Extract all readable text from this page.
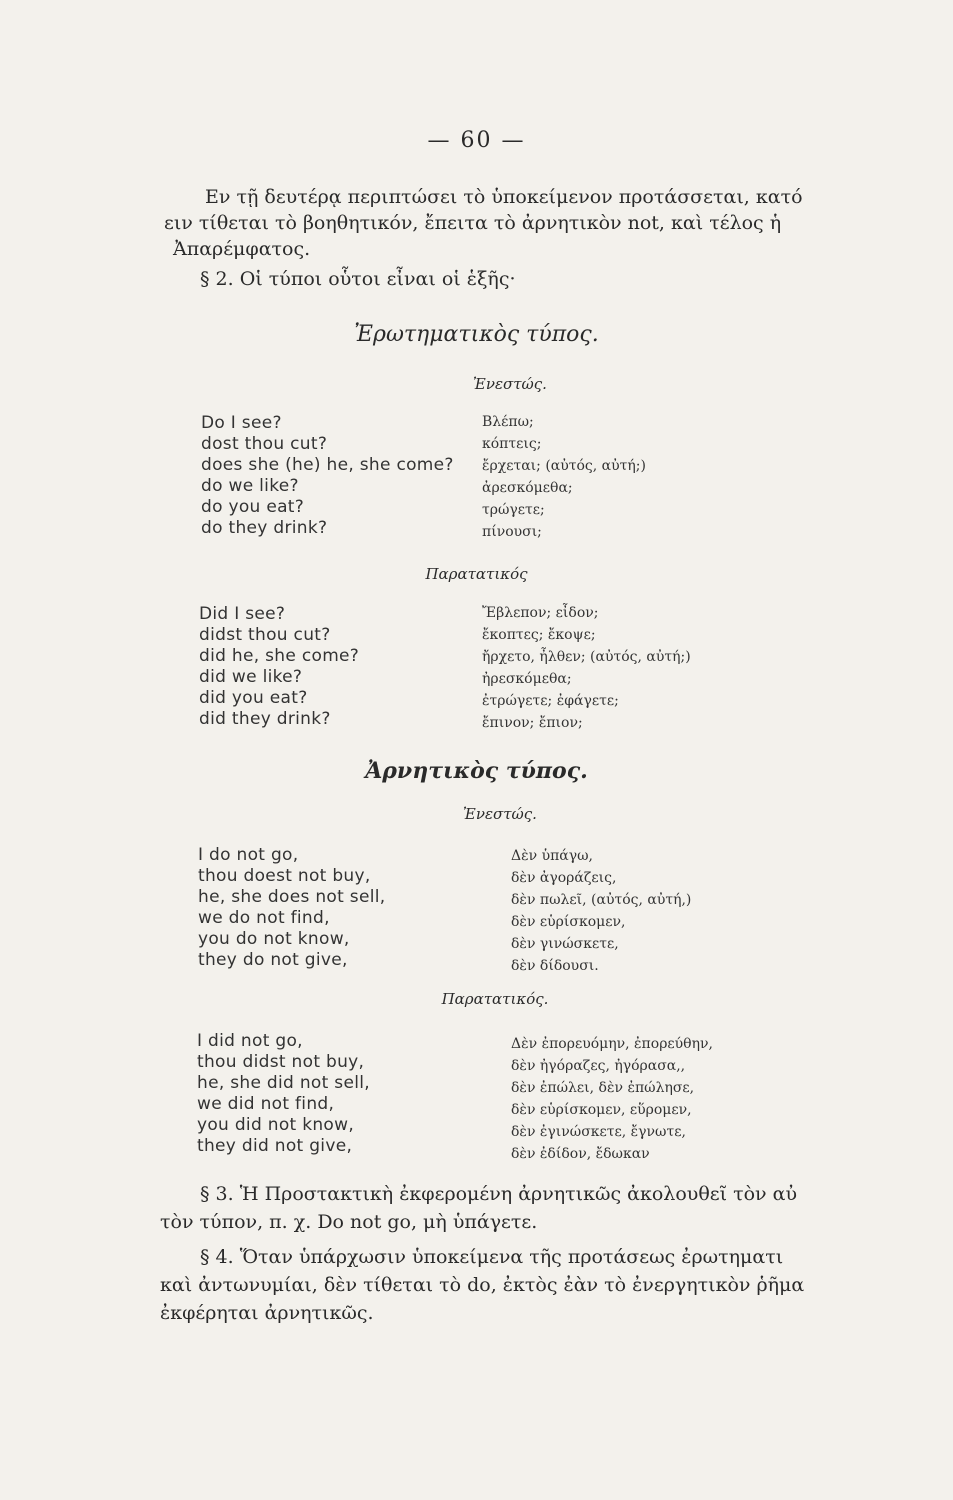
— 60 —
Εν τῇ δευτέρᾳ περιπτώσει τὸ ὑποκείμενον προτάσσεται, κατό
ειν τίθεται τὸ βοηθητικόν, ἔπειτα τὸ ἀρνητικὸν not, καὶ τέλος ἡ
Ἀπαρέμφατος.
§ 2. Οἱ τύποι οὗτοι εἶναι οἱ ἑξῆς·
Ἐρωτηματικὸς τύπος.
Ἐνεστώς.
Do I see?
dost thou cut?
does she (he) he, she come?
do we like?
do you eat?
do they drink?
Βλέπω;
κόπτεις;
ἔρχεται; (αὐτός, αὐτή;)
ἀρεσκόμεθα;
τρώγετε;
πίνουσι;
Παρατατικός
Did I see?
didst thou cut?
did he, she come?
did we like?
did you eat?
did they drink?
Ἔβλεπον; εἶδον;
ἔκοπτες; ἔκοψε;
ἤρχετο, ἦλθεν; (αὐτός, αὐτή;)
ἠρεσκόμεθα;
ἐτρώγετε; ἐφάγετε;
ἔπινον; ἔπιον;
Ἀρνητικὸς τύπος.
Ἐνεστώς.
I do not go,
thou doest not buy,
he, she does not sell,
we do not find,
you do not know,
they do not give,
Δὲν ὑπάγω,
δὲν ἀγοράζεις,
δὲν πωλεῖ, (αὐτός, αὐτή,)
δὲν εὑρίσκομεν,
δὲν γινώσκετε,
δὲν δίδουσι.
Παρατατικός.
I did not go,
thou didst not buy,
he, she did not sell,
we did not find,
you did not know,
they did not give,
Δὲν ἐπορευόμην, ἐπορεύθην,
δὲν ἠγόραζες, ἠγόρασα,,
δὲν ἐπώλει, δὲν ἐπώλησε,
δὲν εὑρίσκομεν, εὕρομεν,
δὲν ἐγινώσκετε, ἔγνωτε,
δὲν ἐδίδον, ἔδωκαν
§ 3. Ἡ Προστακτικὴ ἐκφερομένη ἀρνητικῶς ἀκολουθεῖ τὸν αὐ
τὸν τύπον, π. χ. Do not go, μὴ ὑπάγετε.
§ 4. Ὅταν ὑπάρχωσιν ὑποκείμενα τῆς προτάσεως ἐρωτηματι
καὶ ἀντωνυμίαι, δὲν τίθεται τὸ do, ἐκτὸς ἐὰν τὸ ἐνεργητικὸν ῥῆμα
ἐκφέρηται ἀρνητικῶς.
